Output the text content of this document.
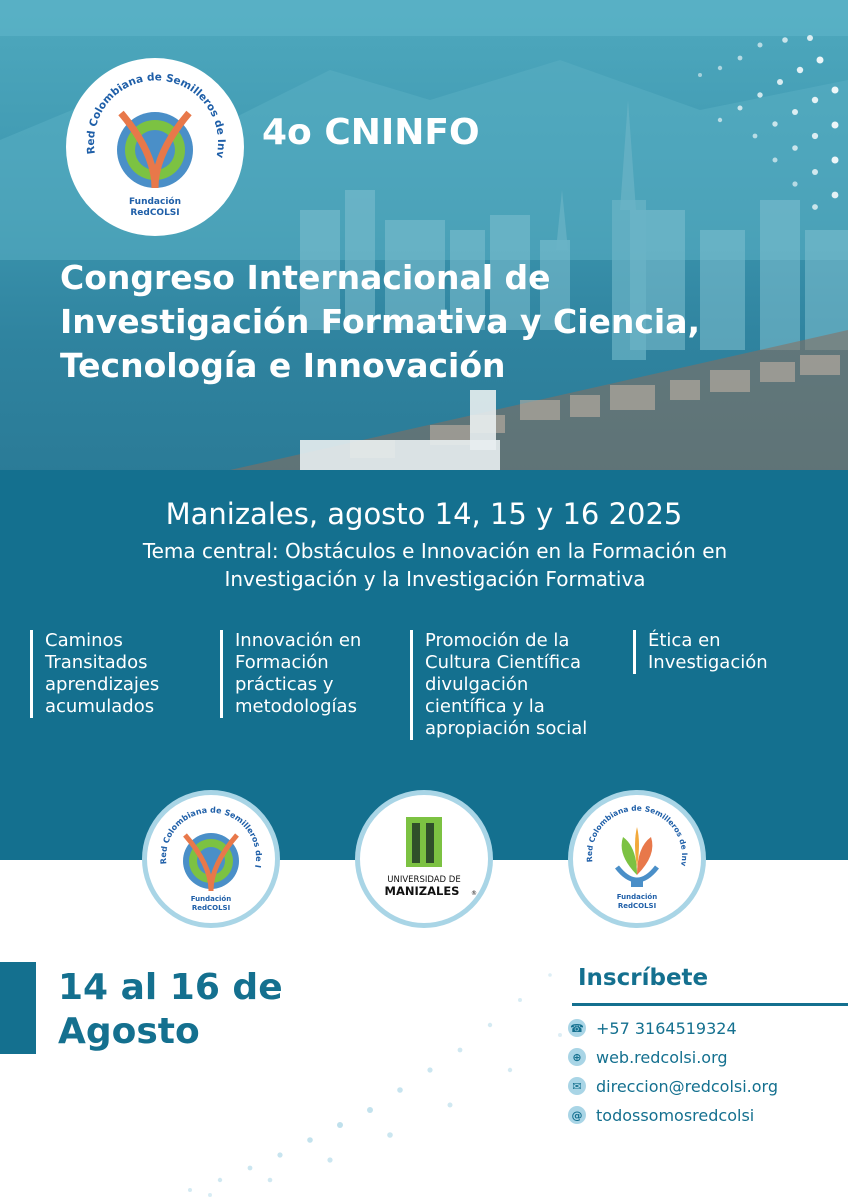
Red Colombiana de Semilleros de Inv
Fundación
RedCOLSI
4o CNINFO
Congreso Internacional de
Investigación Formativa y Ciencia,
Tecnología e Innovación
Manizales, agosto 14, 15 y 16 2025
Tema central: Obstáculos e Innovación en la Formación en
Investigación y la Investigación Formativa
Caminos
Transitados
aprendizajes
acumulados
Innovación en
Formación
prácticas y
metodologías
Promoción de la
Cultura Científica
divulgación
científica y la
apropiación social
Ética en
Investigación
Red Colombiana de Semilleros de I
Fundación
RedCOLSI
UNIVERSIDAD DE
MANIZALES ®
Red Colombiana de Semilleros de Inv
Fundación
RedCOLSI
14 al 16 de
Agosto
Inscríbete
☎ +57 3164519324
⊕ web.redcolsi.org
✉ direccion@redcolsi.org
@ todossomosredcolsi
